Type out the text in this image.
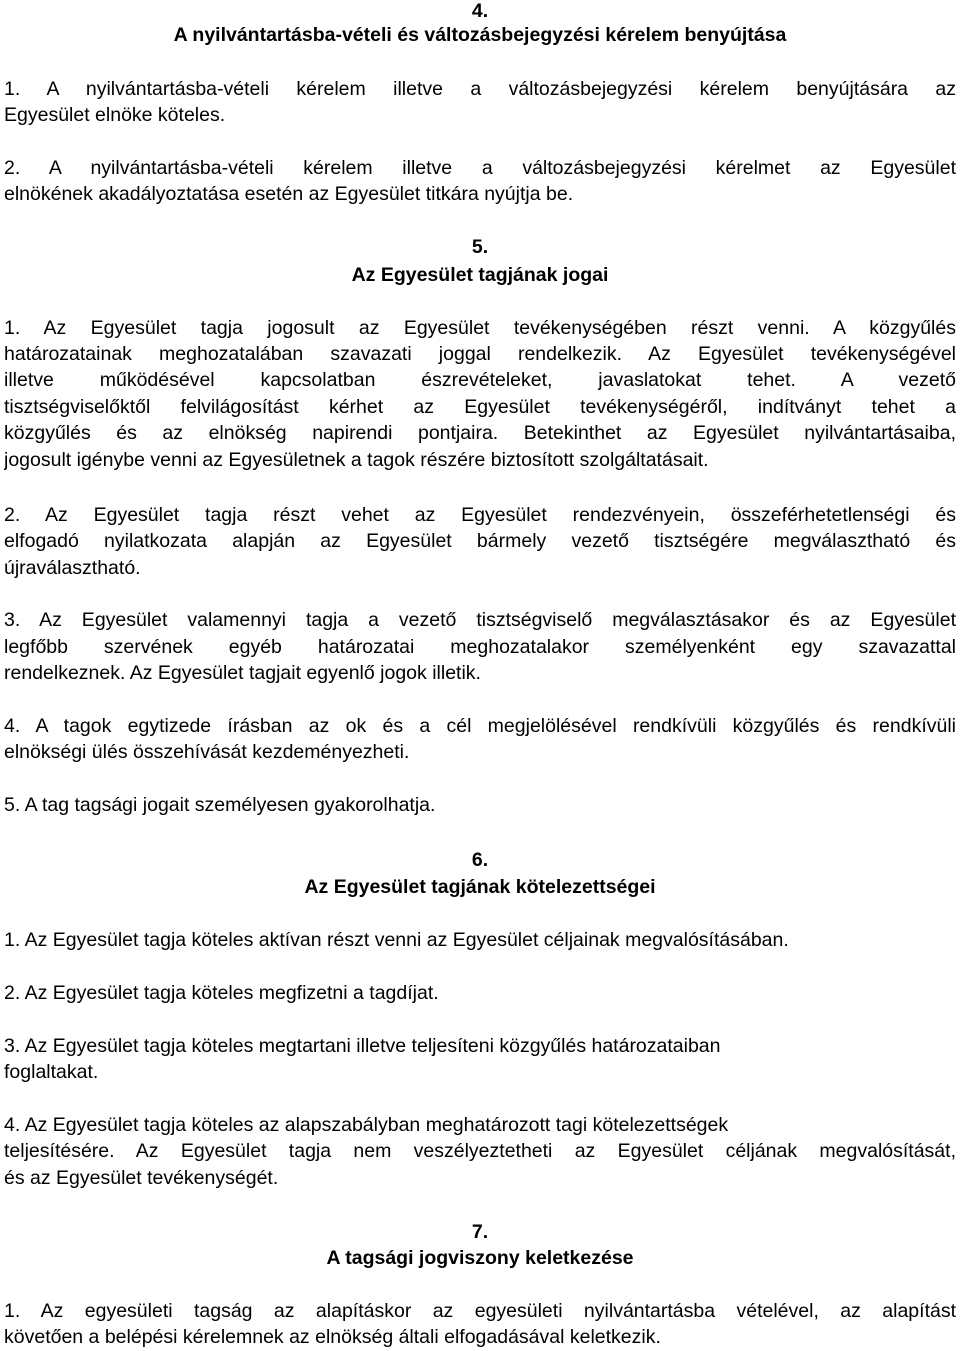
4.
A nyilvántartásba-vételi és változásbejegyzési kérelem benyújtása
1. A nyilvántartásba-vételi kérelem illetve a változásbejegyzési kérelem benyújtására az
Egyesület elnöke köteles.
2. A nyilvántartásba-vételi kérelem illetve a változásbejegyzési kérelmet az Egyesület
elnökének akadályoztatása esetén az Egyesület titkára nyújtja be.
5.
Az Egyesület tagjának jogai
1. Az Egyesület tagja jogosult az Egyesület tevékenységében részt venni. A közgyűlés
határozatainak meghozatalában szavazati joggal rendelkezik. Az Egyesület tevékenységével
illetve működésével kapcsolatban észrevételeket, javaslatokat tehet. A vezető
tisztségviselőktől felvilágosítást kérhet az Egyesület tevékenységéről, indítványt tehet a
közgyűlés és az elnökség napirendi pontjaira. Betekinthet az Egyesület nyilvántartásaiba,
jogosult igénybe venni az Egyesületnek a tagok részére biztosított szolgáltatásait.
2. Az Egyesület tagja részt vehet az Egyesület rendezvényein, összeférhetetlenségi és
elfogadó nyilatkozata alapján az Egyesület bármely vezető tisztségére megválasztható és
újraválasztható.
3. Az Egyesület valamennyi tagja a vezető tisztségviselő megválasztásakor és az Egyesület
legfőbb szervének egyéb határozatai meghozatalakor személyenként egy szavazattal
rendelkeznek. Az Egyesület tagjait egyenlő jogok illetik.
4. A tagok egytizede írásban az ok és a cél megjelölésével rendkívüli közgyűlés és rendkívüli
elnökségi ülés összehívását kezdeményezheti.
5. A tag tagsági jogait személyesen gyakorolhatja.
6.
Az Egyesület tagjának kötelezettségei
1. Az Egyesület tagja köteles aktívan részt venni az Egyesület céljainak megvalósításában.
2. Az Egyesület tagja köteles megfizetni a tagdíjat.
3. Az Egyesület tagja köteles megtartani illetve teljesíteni közgyűlés határozataiban
foglaltakat.
4. Az Egyesület tagja köteles az alapszabályban meghatározott tagi kötelezettségek
teljesítésére. Az Egyesület tagja nem veszélyeztetheti az Egyesület céljának megvalósítását,
és az Egyesület tevékenységét.
7.
A tagsági jogviszony keletkezése
1. Az egyesületi tagság az alapításkor az egyesületi nyilvántartásba vételével, az alapítást
követően a belépési kérelemnek az elnökség általi elfogadásával keletkezik.
